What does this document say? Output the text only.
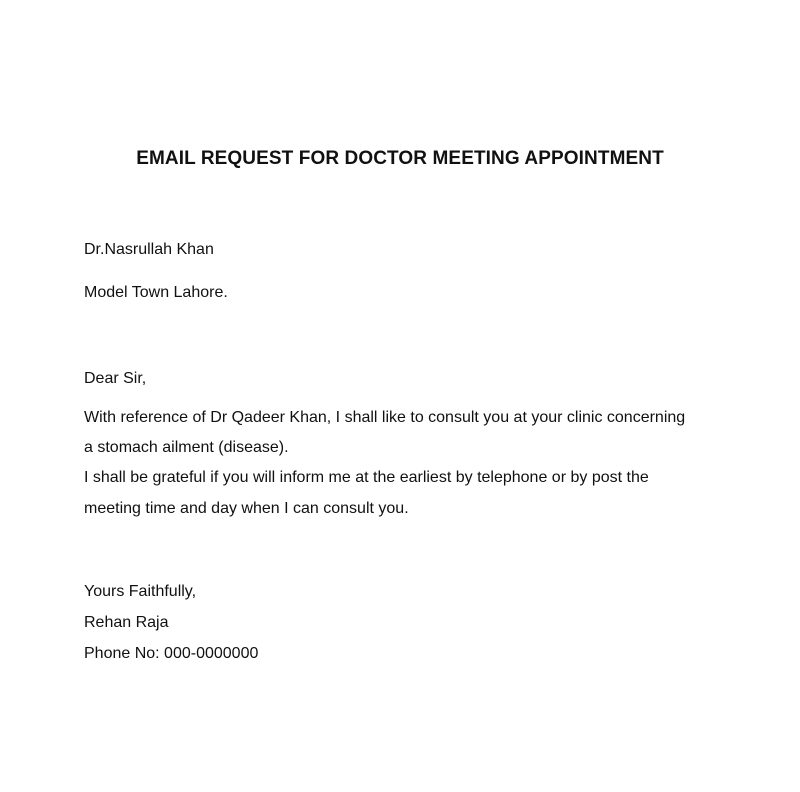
EMAIL REQUEST FOR DOCTOR MEETING APPOINTMENT
Dr.Nasrullah Khan
Model Town Lahore.
Dear Sir,
With reference of Dr Qadeer Khan, I shall like to consult you at your clinic concerning
a stomach ailment (disease).
I shall be grateful if you will inform me at the earliest by telephone or by post the
meeting time and day when I can consult you.
Yours Faithfully,
Rehan Raja
Phone No: 000-0000000
